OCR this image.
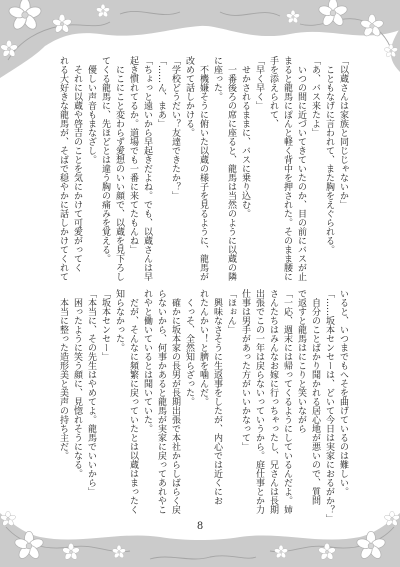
「以蔵さんは家族と同じじゃないか」
　こともなげに言われて、また胸をえぐられる。
「あ、バス来たよ」
　いつの間に近づいてきていたのか、目の前にバスが止
まると龍馬にぽんと軽く背中を押された。そのまま腰に
手を添えられて、
「早く早く」
　せかされるままに、バスに乗り込む。
　一番後ろの席に座ると、龍馬は当然のように以蔵の隣
に座った。
　不機嫌そうに俯いた以蔵の様子を見るように、龍馬が
改めて話しかける。
「学校どうだい？友達できたか？」
「……ん、まあ」
「ちょっと遠いから早起きだよね。でも、以蔵さんは早
起き慣れてるか。道場でも一番に来てたもんね」
　にこにこと変わらず愛想のいい顔で、以蔵を見下ろし
てくる龍馬に、先ほどとは違う胸の痛みを覚える。
　優しい声音もまなざし。
　それに以蔵や啓吉のことを気にかけて可愛がってく
れる大好きな龍馬が、そばで穏やかに話しかけてくれて
いると、いつまでもへそを曲げているのは難しい。
「……坂本センセーは、どいて今日は実家におるがか？」
　自分のことばかり聞かれる居心地が悪いので、質問
で返すと龍馬はにこりと笑いながら
「一応、週末には帰ってくるようにしているんだよ。姉
さんたちはみんなお嫁に行っちゃったし、兄さんは長期
出張でこの一年は戻らないっていうから。庭仕事とか力
仕事は男手があった方がいいかなって」
「ほぉん」
　興味なさそうに生返事をしたが、内心では近くにお
れたんかい！と臍を噛んだ。
　くっそ、全然知らざった。
　確かに坂本家の長男が長期出張で本社からしばらく戻
らないから、何事かあると龍馬が実家に戻ってあれやこ
れやと働いているとは聞いていた。
　だが、そんなに頻繁に戻っていたとは以蔵はまったく
知らなかった。
「坂本センセー」
「本当に、その先生はやめてよ。龍馬でいいから」
　困ったように笑う顔に、見惚れそうになる。
　本当に整った造形美と美声の持ち主だ。
8
